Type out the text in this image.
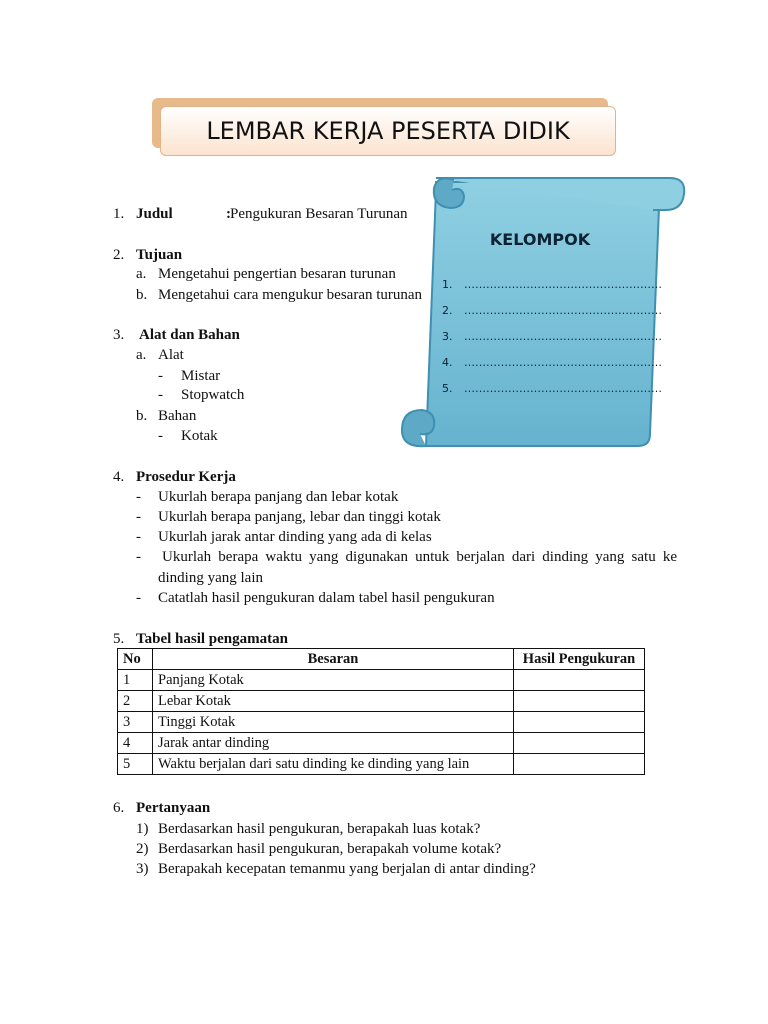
LEMBAR KERJA PESERTA DIDIK
KELOMPOK
1. ………………………………………………
2. ………………………………………………
3. ………………………………………………
4. ………………………………………………
5. ………………………………………………
1. Judul	: Pengukuran Besaran Turunan
2. Tujuan
a. Mengetahui pengertian besaran turunan
b. Mengetahui cara mengukur besaran turunan
3. Alat dan Bahan
a. Alat
- Mistar
- Stopwatch
b. Bahan
- Kotak
4. Prosedur Kerja
- Ukurlah berapa panjang dan lebar kotak
- Ukurlah berapa panjang, lebar dan tinggi kotak
- Ukurlah jarak antar dinding yang ada di kelas
- Ukurlah berapa waktu yang digunakan untuk berjalan dari dinding yang satu ke
dinding yang lain
- Catatlah hasil pengukuran dalam tabel hasil pengukuran
5. Tabel hasil pengamatan
No	Besaran	Hasil Pengukuran
1	Panjang Kotak	
2	Lebar Kotak	
3	Tinggi Kotak	
4	Jarak antar dinding	
5	Waktu berjalan dari satu dinding ke dinding yang lain	
6. Pertanyaan
1) Berdasarkan hasil pengukuran, berapakah luas kotak?
2) Berdasarkan hasil pengukuran, berapakah volume kotak?
3) Berapakah kecepatan temanmu yang berjalan di antar dinding?
